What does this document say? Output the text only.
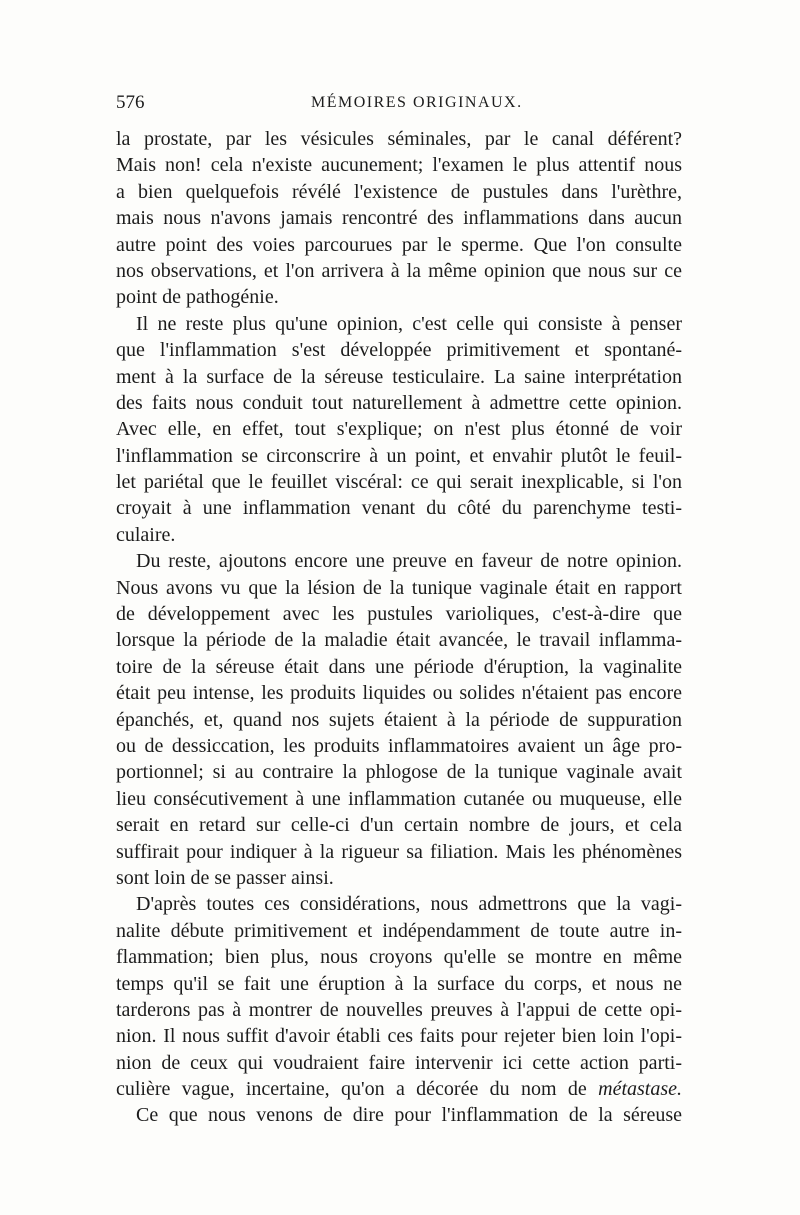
576	MÉMOIRES ORIGINAUX.
la prostate, par les vésicules séminales, par le canal déférent?
Mais non! cela n'existe aucunement; l'examen le plus attentif nous
a bien quelquefois révélé l'existence de pustules dans l'urèthre,
mais nous n'avons jamais rencontré des inflammations dans aucun
autre point des voies parcourues par le sperme. Que l'on consulte
nos observations, et l'on arrivera à la même opinion que nous sur ce
point de pathogénie.
Il ne reste plus qu'une opinion, c'est celle qui consiste à penser
que l'inflammation s'est développée primitivement et spontané-
ment à la surface de la séreuse testiculaire. La saine interprétation
des faits nous conduit tout naturellement à admettre cette opinion.
Avec elle, en effet, tout s'explique; on n'est plus étonné de voir
l'inflammation se circonscrire à un point, et envahir plutôt le feuil-
let pariétal que le feuillet viscéral: ce qui serait inexplicable, si l'on
croyait à une inflammation venant du côté du parenchyme testi-
culaire.
Du reste, ajoutons encore une preuve en faveur de notre opinion.
Nous avons vu que la lésion de la tunique vaginale était en rapport
de développement avec les pustules varioliques, c'est-à-dire que
lorsque la période de la maladie était avancée, le travail inflamma-
toire de la séreuse était dans une période d'éruption, la vaginalite
était peu intense, les produits liquides ou solides n'étaient pas encore
épanchés, et, quand nos sujets étaient à la période de suppuration
ou de dessiccation, les produits inflammatoires avaient un âge pro-
portionnel; si au contraire la phlogose de la tunique vaginale avait
lieu consécutivement à une inflammation cutanée ou muqueuse, elle
serait en retard sur celle-ci d'un certain nombre de jours, et cela
suffirait pour indiquer à la rigueur sa filiation. Mais les phénomènes
sont loin de se passer ainsi.
D'après toutes ces considérations, nous admettrons que la vagi-
nalite débute primitivement et indépendamment de toute autre in-
flammation; bien plus, nous croyons qu'elle se montre en même
temps qu'il se fait une éruption à la surface du corps, et nous ne
tarderons pas à montrer de nouvelles preuves à l'appui de cette opi-
nion. Il nous suffit d'avoir établi ces faits pour rejeter bien loin l'opi-
nion de ceux qui voudraient faire intervenir ici cette action parti-
culière vague, incertaine, qu'on a décorée du nom de métastase.
Ce que nous venons de dire pour l'inflammation de la séreuse
